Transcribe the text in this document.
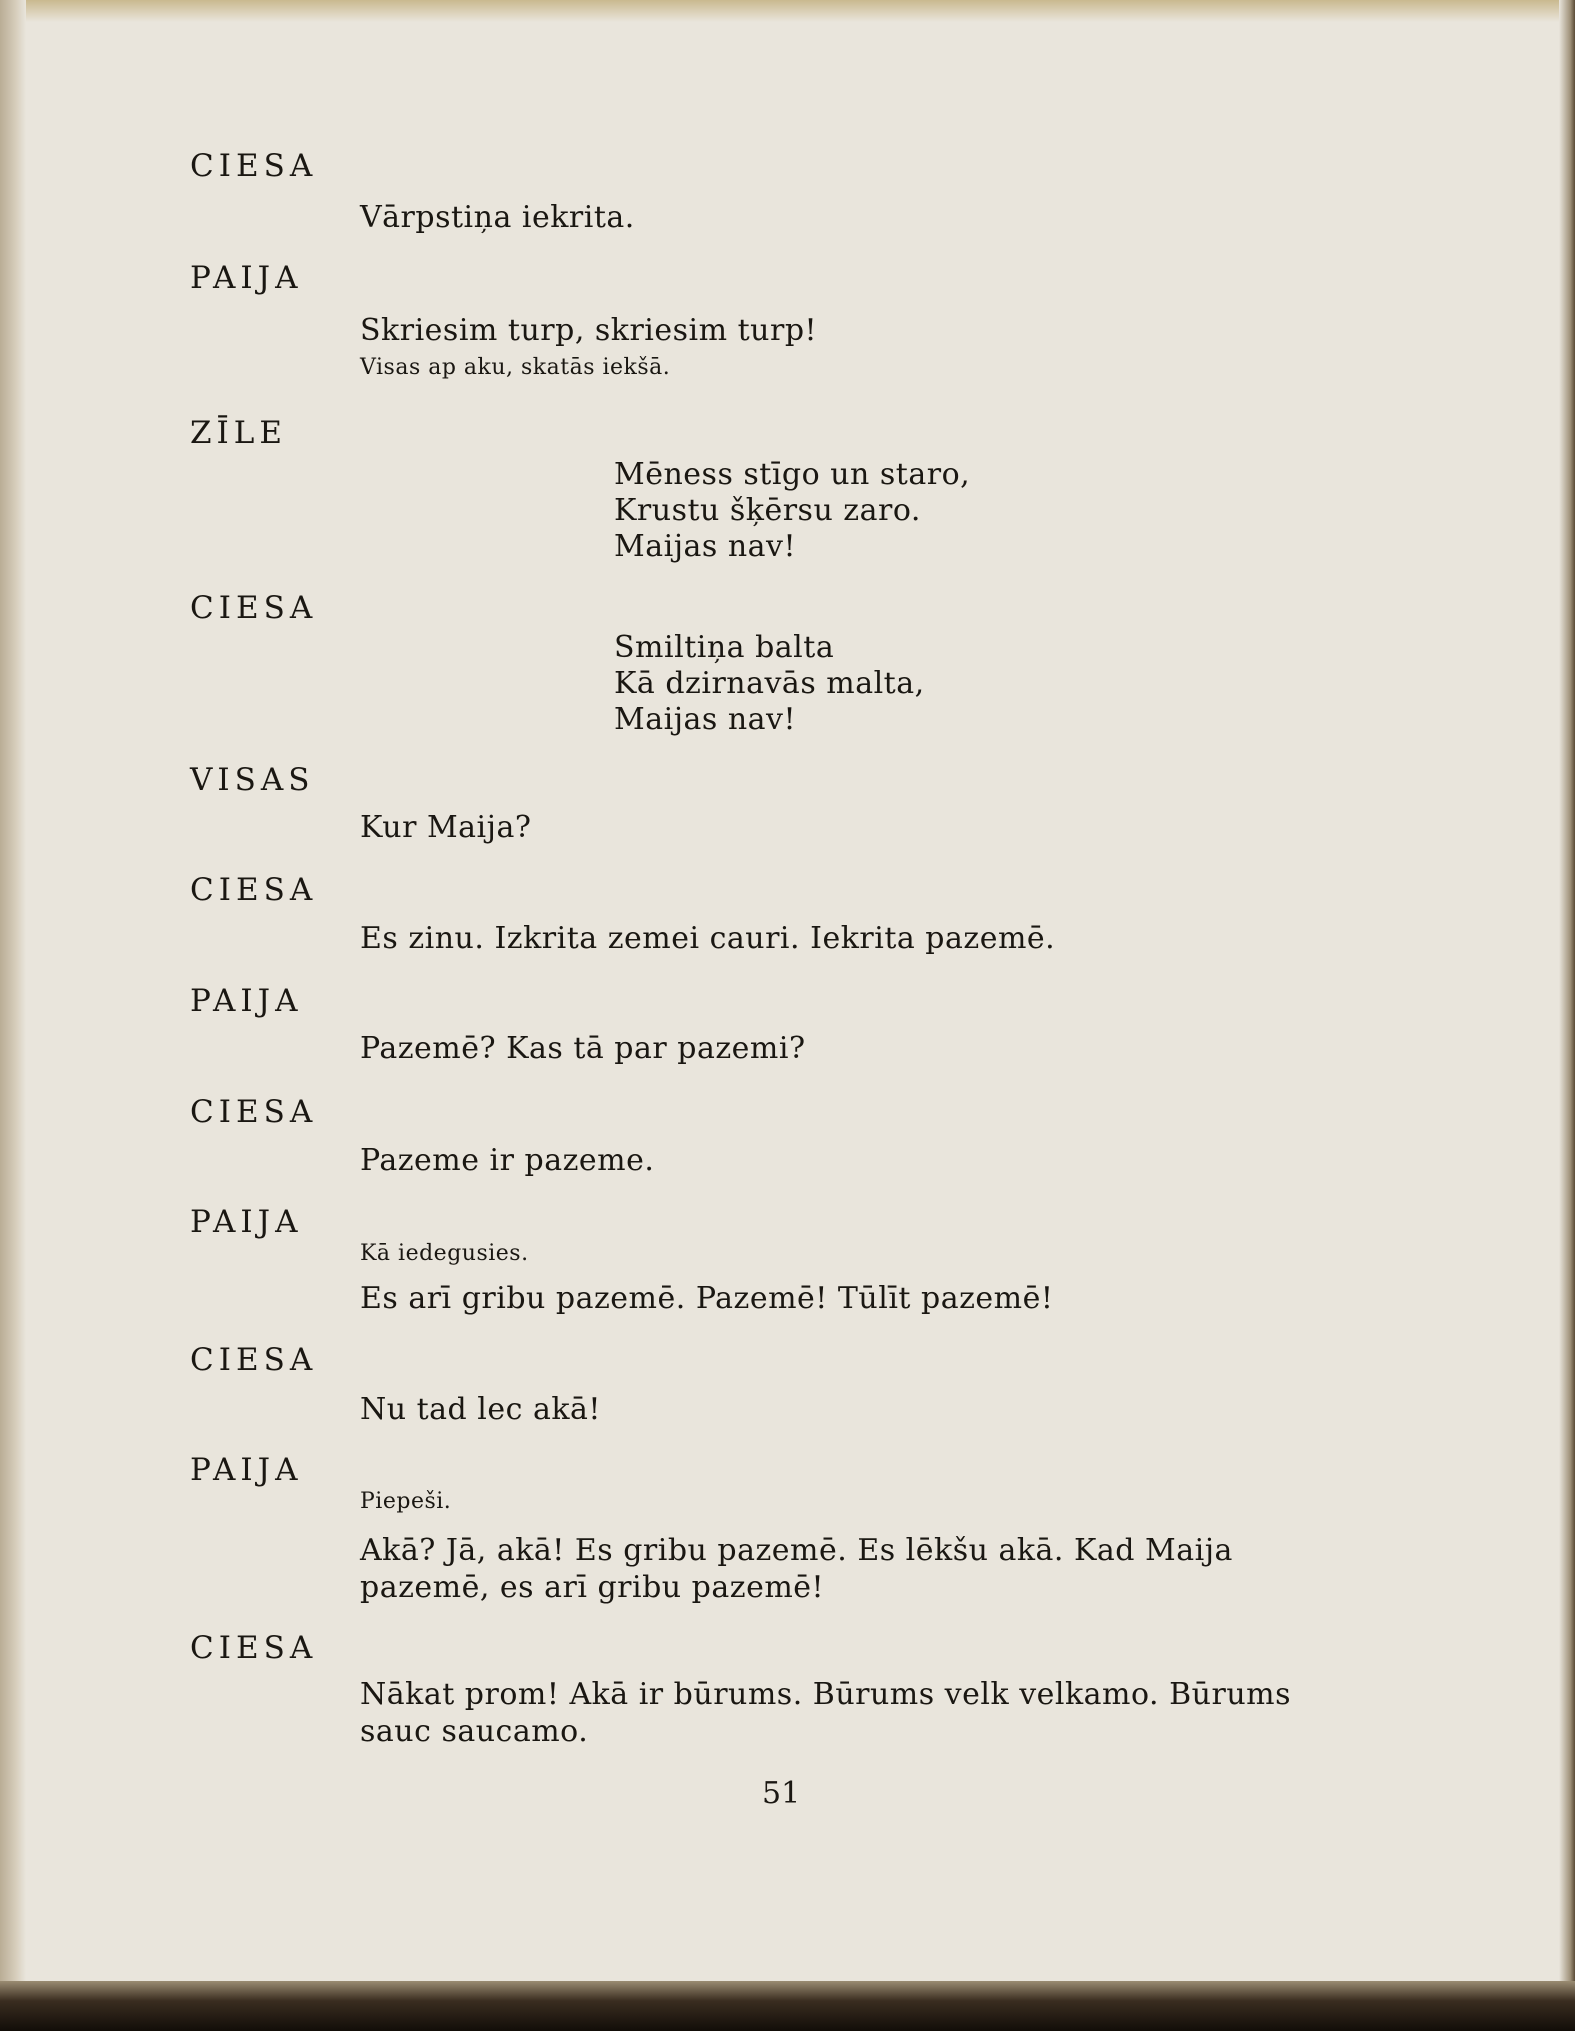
CIESA
Vārpstiņa iekrita.
PAIJA
Skriesim turp, skriesim turp!
Visas ap aku, skatās iekšā.
ZĪLE
Mēness stīgo un staro,
Krustu šķērsu zaro.
Maijas nav!
CIESA
Smiltiņa balta
Kā dzirnavās malta,
Maijas nav!
VISAS
Kur Maija?
CIESA
Es zinu. Izkrita zemei cauri. Iekrita pazemē.
PAIJA
Pazemē? Kas tā par pazemi?
CIESA
Pazeme ir pazeme.
PAIJA
Kā iedegusies.
Es arī gribu pazemē. Pazemē! Tūlīt pazemē!
CIESA
Nu tad lec akā!
PAIJA
Piepeši.
Akā? Jā, akā! Es gribu pazemē. Es lēkšu akā. Kad Maija
pazemē, es arī gribu pazemē!
CIESA
Nākat prom! Akā ir būrums. Būrums velk velkamo. Būrums
sauc saucamo.
51
